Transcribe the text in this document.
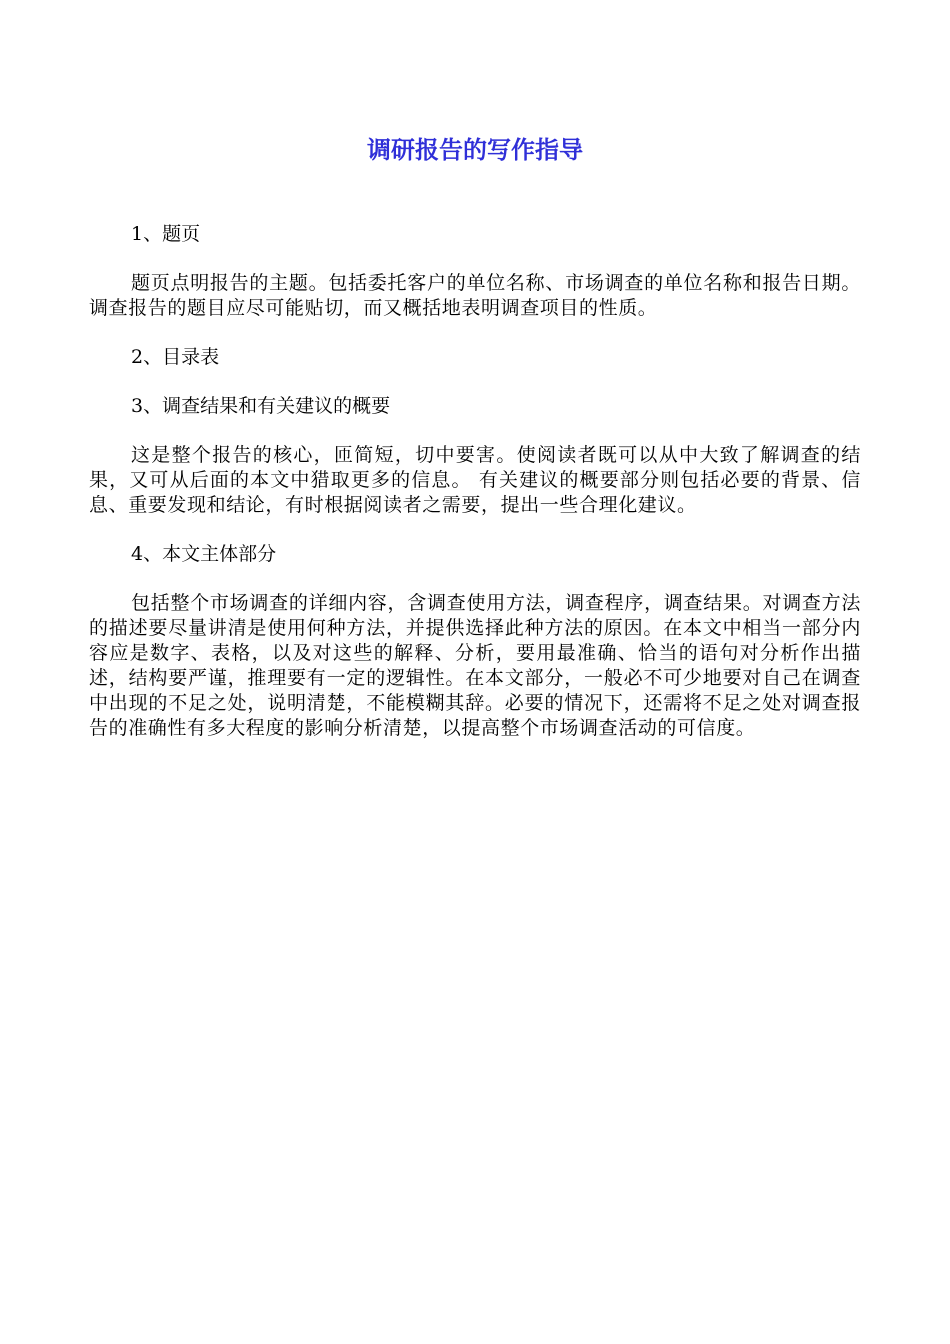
调研报告的写作指导

1、题页

题页点明报告的主题。包括委托客户的单位名称、市场调查的单位名称和报告日期。调查报告的题目应尽可能贴切，而又概括地表明调查项目的性质。

2、目录表

3、调查结果和有关建议的概要

这是整个报告的核心，匝简短，切中要害。使阅读者既可以从中大致了解调查的结果，又可从后面的本文中猎取更多的信息。 有关建议的概要部分则包括必要的背景、信息、重要发现和结论，有时根据阅读者之需要，提出一些合理化建议。

4、本文主体部分

包括整个市场调查的详细内容，含调查使用方法，调查程序，调查结果。对调查方法的描述要尽量讲清是使用何种方法，并提供选择此种方法的原因。在本文中相当一部分内容应是数字、表格，以及对这些的解释、分析，要用最准确、恰当的语句对分析作出描述，结构要严谨，推理要有一定的逻辑性。在本文部分，一般必不可少地要对自己在调查中出现的不足之处，说明清楚，不能模糊其辞。必要的情况下，还需将不足之处对调查报告的准确性有多大程度的影响分析清楚，以提高整个市场调查活动的可信度。
